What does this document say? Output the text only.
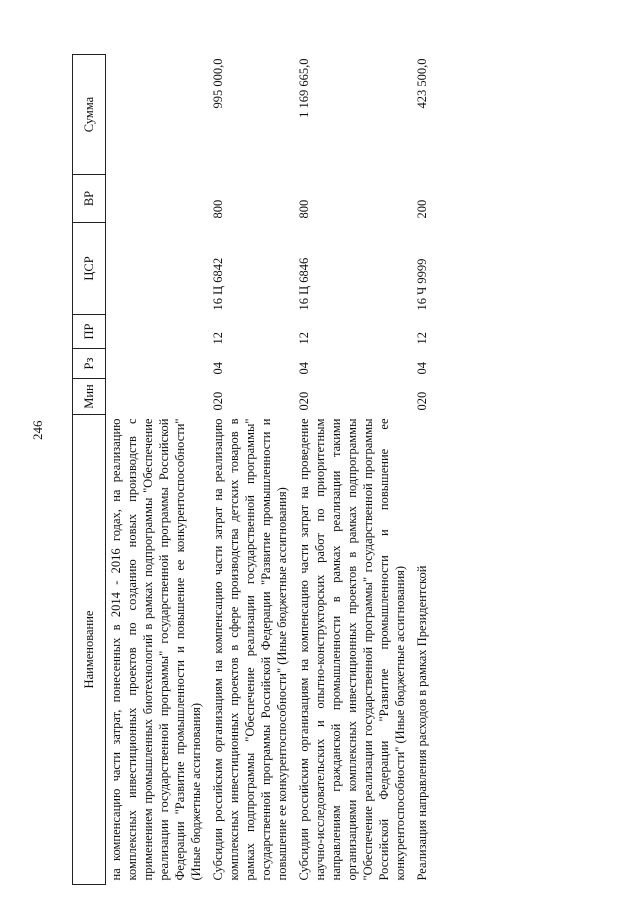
246
Наименование	Мин	Рз	ПР	ЦСР	ВР	Сумма
на компенсацию части затрат, понесенных в 2014 - 2016 годах, на реализацию комплексных инвестиционных проектов по созданию новых производств с применением промышленных биотехнологий в рамках подпрограммы "Обеспечение реализации государственной программы" государственной программы Российской Федерации "Развитие промышленности и повышение ее конкурентоспособности" (Иные бюджетные ассигнования)						
Субсидии российским организациям на компенсацию части затрат на реализацию комплексных инвестиционных проектов в сфере производства детских товаров в рамках подпрограммы "Обеспечение реализации государственной программы" государственной программы Российской Федерации "Развитие промышленности и повышение ее конкурентоспособности" (Иные бюджетные ассигнования)	020	04	12	16 Ц 6842	800	995 000,0
Субсидии российским организациям на компенсацию части затрат на проведение научно-исследовательских и опытно-конструкторских работ по приоритетным направлениям гражданской промышленности в рамках реализации такими организациями комплексных инвестиционных проектов в рамках подпрограммы "Обеспечение реализации государственной программы" государственной программы Российской Федерации "Развитие промышленности и повышение ее конкурентоспособности" (Иные бюджетные ассигнования)	020	04	12	16 Ц 6846	800	1 169 665,0
Реализация направления расходов в рамках Президентской	020	04	12	16 Ч 9999	200	423 500,0
